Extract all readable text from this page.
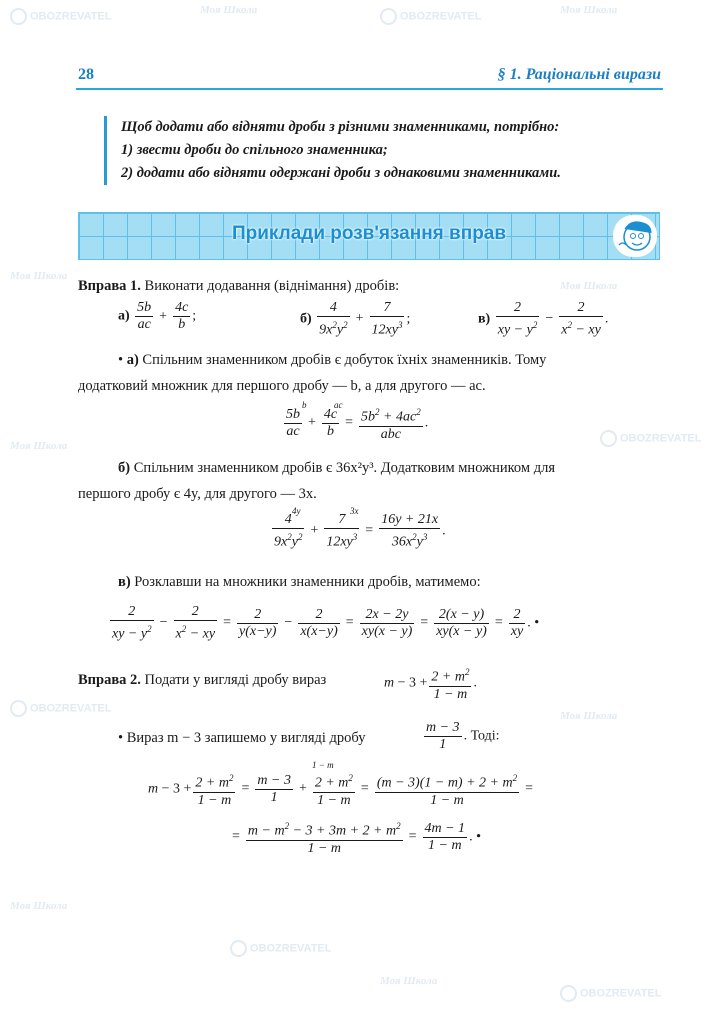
OBOZREVATEL
Моя Школа
OBOZREVATEL
Моя Школа
Моя Школа
Моя Школа
Моя Школа
OBOZREVATEL
OBOZREVATEL
Моя Школа
Моя Школа
OBOZREVATEL
Моя Школа
OBOZREVATEL
28	§ 1. Раціональні вирази
Щоб додати або відняти дроби з різними знаменниками, потрібно:
1) звести дроби до спільного знаменника;
2) додати або відняти одержані дроби з однаковими знаменниками.
Приклади розв'язання вправ
Вправа 1. Виконати додавання (віднімання) дробів:
$а) \frac{5b}{ac} + \frac{4c}{b}$ ;	$б) \frac{4}{9x^2y^2} + \frac{7}{12xy^3}$ ;	$в) \frac{2}{xy - y^2} - \frac{2}{x^2 - xy}$ .
• а) Спільним знаменником дробів є добуток їхніх знаменників. Тому
додатковий множник для першого дробу — b, а для другого — ac.
$\frac{5b}{ac} + \frac{4c}{b} = \frac{5b^2 + 4ac^2}{\text{abc}}$ .
b	ac
б) Спільним знаменником дробів є 36x²y³. Додатковим множником для
першого дробу є 4y, для другого — 3x.
$\frac{4}{9x^2y^2} + \frac{7}{12xy^3} = \frac{16y + 21x}{36x^2y^3}$ .
4y	3x
в) Розклавши на множники знаменники дробів, матимемо:
$\frac{2}{xy - y^2} - \frac{2}{x^2 - xy} = \frac{2}{y(x-y)} - \frac{2}{x(x-y)} = \frac{2x - 2y}{xy(x - y)} = \frac{2(x - y)}{xy(x - y)} = \frac{2}{xy}$ . •
Вправа 2. Подати у вигляді дробу вираз	$m - 3 + \frac{2 + m^2}{1 - m}$ .
• Вираз m − 3 запишемо у вигляді дробу	$\frac{m - 3}{1}$ . Тоді:
$m - 3 + \frac{2 + m^2}{1 - m} = \frac{m - 3}{1} + \frac{2 + m^2}{1 - m} = \frac{(m - 3)(1 - m) + 2 + m^2}{1 - m}$ =
1 − m
= $\frac{m - m^2 - 3 + 3m + 2 + m^2}{1 - m} = \frac{4m - 1}{1 - m}$ . •
